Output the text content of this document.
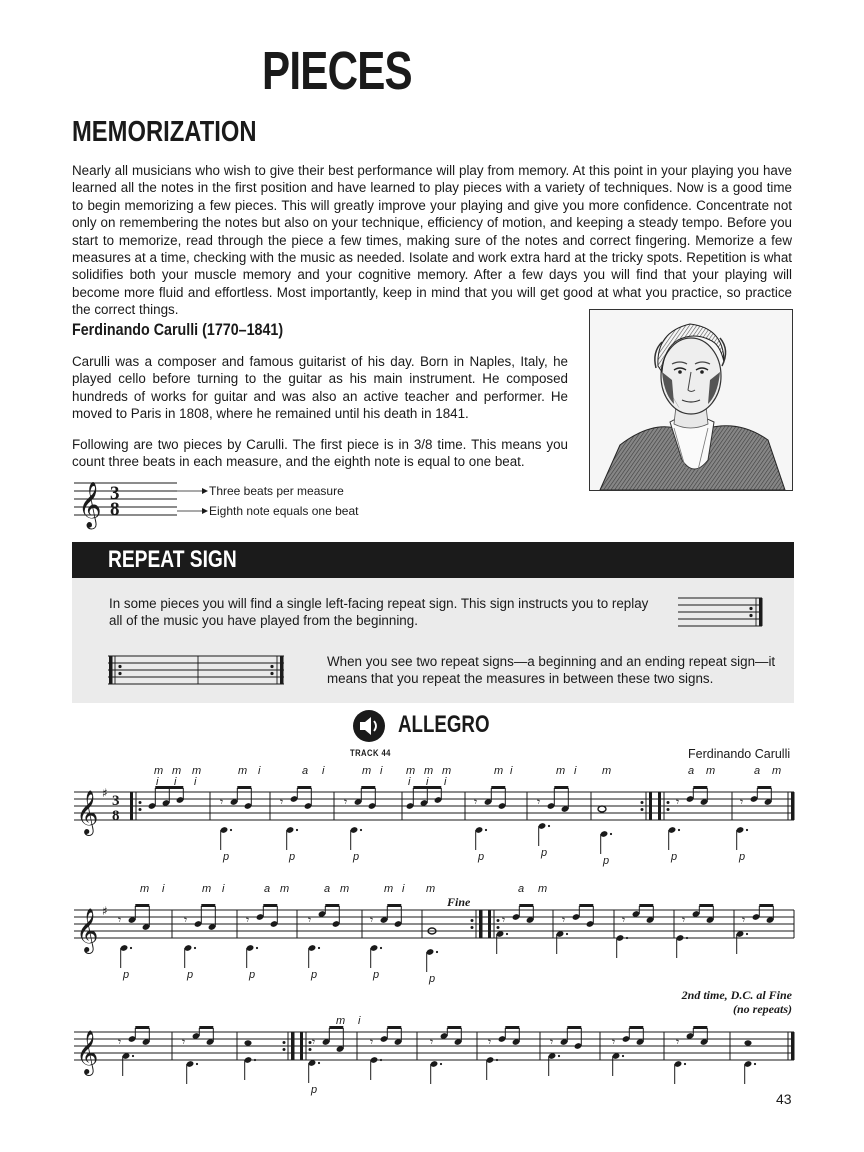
PIECES
MEMORIZATION
Nearly all musicians who wish to give their best performance will play from memory. At this point in your playing you have learned all the notes in the first position and have learned to play pieces with a variety of techniques. Now is a good time to begin memorizing a few pieces. This will greatly improve your playing and give you more confidence. Concentrate not only on remembering the notes but also on your technique, efficiency of motion, and keeping a steady tempo. Before you start to memorize, read through the piece a few times, making sure of the notes and correct fingering. Memorize a few measures at a time, checking with the music as needed. Isolate and work extra hard at the tricky spots. Repetition is what solidifies both your muscle memory and your cognitive memory. After a few days you will find that your playing will become more fluid and effortless. Most importantly, keep in mind that you will get good at what you practice, so practice the correct things.
Ferdinando Carulli (1770–1841)
Carulli was a composer and famous guitarist of his day. Born in Naples, Italy, he played cello before turning to the guitar as his main instrument. He composed hundreds of works for guitar and was also an active teacher and performer. He moved to Paris in 1808, where he remained until his death in 1841.
Following are two pieces by Carulli. The first piece is in 3/8 time. This means you count three beats in each measure, and the eighth note is equal to one beat.
𝄞 3
8
Three beats per measure
Eighth note equals one beat
REPEAT SIGN
In some pieces you will find a single left-facing repeat sign. This sign instructs you to replay all of the music you have played from the beginning.
When you see two repeat signs—a beginning and an ending repeat sign—it means that you repeat the measures in between these two signs.
ALLEGRO
TRACK 44	Ferdinando Carulli
Fine
2nd time, D.C. al Fine
(no repeats)
𝄞 ♯ 3
8
𝄾	𝄾	𝄾	𝄾	𝄾	𝄾	𝄾
p	p	p	p	p
p	p	p
m m m	m i	a i	m i m m m	m i	m i m	a m	a m
i i i	i i i
𝄞 ♯
𝄾	𝄾	𝄾	𝄾	𝄾	𝄾	𝄾	𝄾	𝄾	𝄾
p	p	p	p	p	p
m i	m i	a m	a m	m i m	a m
𝄞 𝄾	𝄾	𝄾	𝄾	𝄾	𝄾	𝄾	𝄾	𝄾
p
m i
43
